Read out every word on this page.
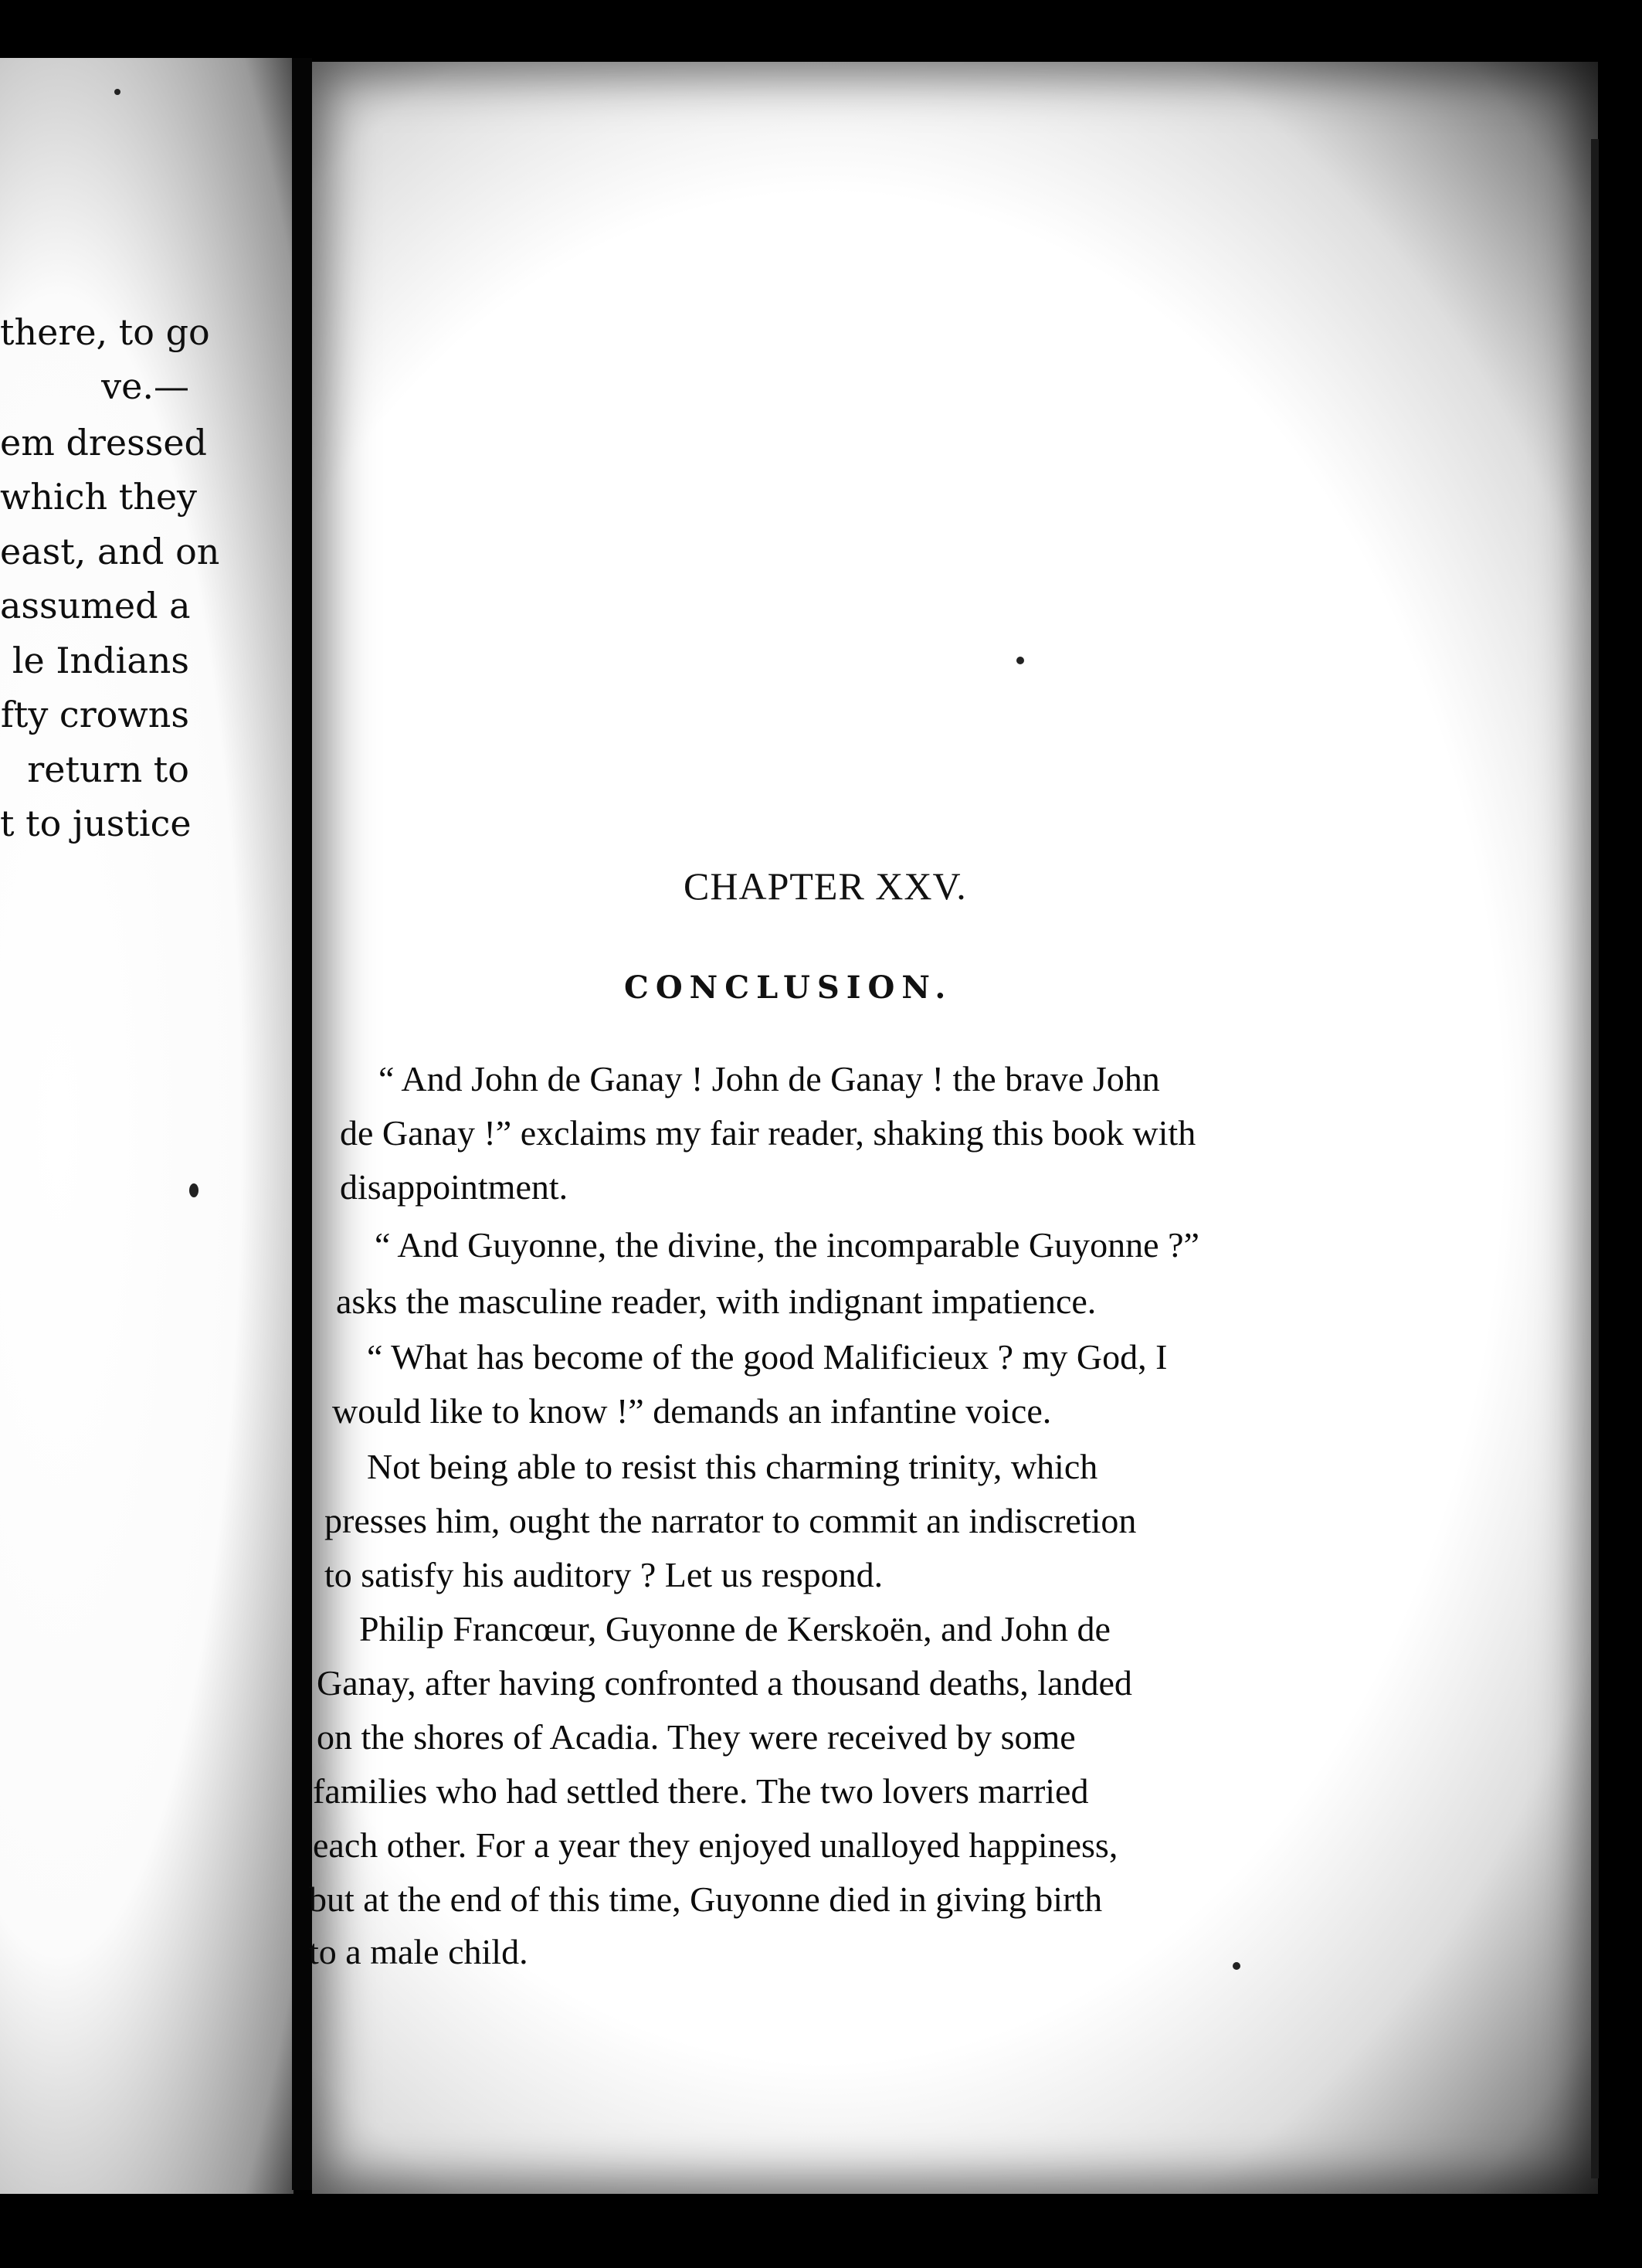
there, to go
ve.—
em dressed
which they
east, and on
assumed a
le Indians
fty crowns
return to
t to justice
CHAPTER XXV.
CONCLUSION.
“ And John de Ganay ! John de Ganay ! the brave John
de Ganay !” exclaims my fair reader, shaking this book with
disappointment.
“ And Guyonne, the divine, the incomparable Guyonne ?”
asks the masculine reader, with indignant impatience.
“ What has become of the good Malificieux ? my God, I
would like to know !” demands an infantine voice.
Not being able to resist this charming trinity, which
presses him, ought the narrator to commit an indiscretion
to satisfy his auditory ? Let us respond.
Philip Francœur, Guyonne de Kerskoën, and John de
Ganay, after having confronted a thousand deaths, landed
on the shores of Acadia. They were received by some
families who had settled there. The two lovers married
each other. For a year they enjoyed unalloyed happiness,
but at the end of this time, Guyonne died in giving birth
to a male child.
